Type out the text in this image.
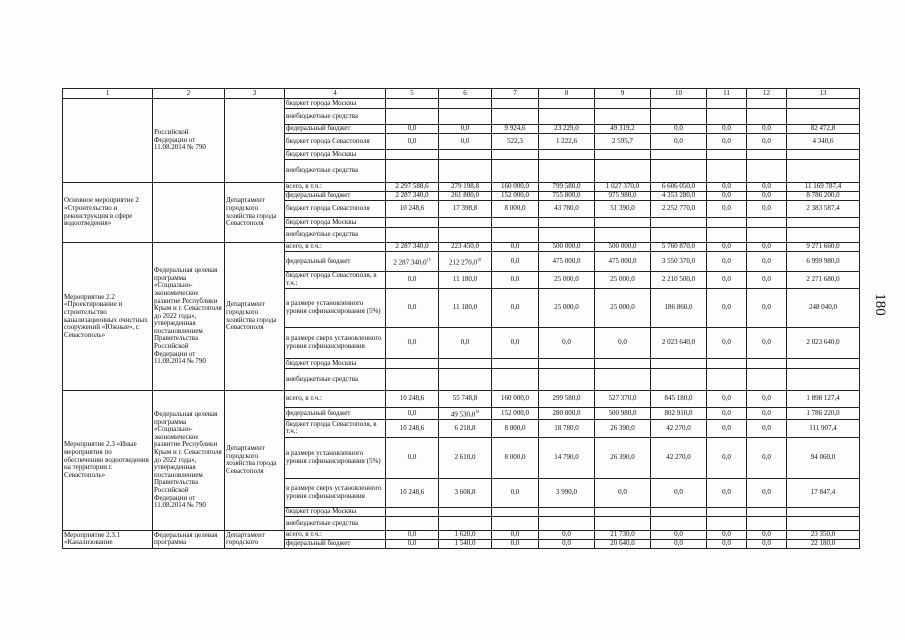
1	2	3	4	5	6	7	8	9	10	11	12	13
	Российской Федерации от 11.08.2014 № 790		бюджет города Москвы									
			внебюджетные средства									
			федеральный бюджет	0,0	0,0	9 924,6	23 229,0	49 319,2	0,0	0,0	0,0	82 472,8
			бюджет города Севастополя	0,0	0,0	522,3	1 222,6	2 595,7	0,0	0,0	0,0	4 340,6
			бюджет города Москвы									
			внебюджетные средства									
Основное мероприятие 2 «Строительство и реконструкция в сфере водоотведения»		Департамент городского хозяйства города Севастополя	всего, в т.ч.:	2 297 588,6	279 198,8	160 000,0	799 580,0	1 027 370,0	6 606 050,0	0,0	0,0	11 169 787,4
			федеральный бюджет	2 287 340,0	261 800,0	152 000,0	755 800,0	975 980,0	4 353 280,0	0,0	0,0	8 786 200,0
			бюджет города Севастополя	10 248,6	17 398,8	8 000,0	43 780,0	51 390,0	2 252 770,0	0,0	0,0	2 383 587,4
			бюджет города Москвы									
			внебюджетные средства									
Мероприятие 2.2 «Проектирование и строительство канализационных очистных сооружений «Южные», г. Севастополь»	Федеральная целевая программа «Социально-экономическое развитие Республики Крым и г. Севастополя до 2022 года», утвержденная постановлением Правительства Российской Федерации от 11.08.2014 № 790	Департамент городского хозяйства города Севастополя	всего, в т.ч.:	2 287 340,0	223 450,0	0,0	500 000,0	500 000,0	5 760 870,0	0,0	0,0	9 271 660,0
			федеральный бюджет	2 287 340,0$^{15}$	212 270,0$^{18}$	0,0	475 000,0	475 000,0	3 550 370,0	0,0	0,0	6 999 980,0
			бюджет города Севастополя, в т.ч.:	0,0	11 180,0	0,0	25 000,0	25 000,0	2 210 500,0	0,0	0,0	2 271 680,0
			в размере установленного уровня софинансирования (5%)	0,0	11 180,0	0,0	25 000,0	25 000,0	186 860,0	0,0	0,0	248 040,0
			в размере сверх установленного уровня софинансирования	0,0	0,0	0,0	0,0	0,0	2 023 640,0	0,0	0,0	2 023 640,0
			бюджет города Москвы									
			внебюджетные средства									
Мероприятие 2.3 «Иные мероприятия по обеспечению водоотведения на территории г. Севастополь»	Федеральная целевая программа «Социально-экономическое развитие Республики Крым и г. Севастополя до 2022 года», утвержденная постановлением Правительства Российской Федерации от 11.08.2014 № 790	Департамент городского хозяйства города Севастополя	всего, в т.ч.:	10 248,6	55 748,8	160 000,0	299 580,0	527 370,0	845 180,0	0,0	0,0	1 898 127,4
			федеральный бюджет	0,0	49 530,0$^{19}$	152 000,0	280 800,0	500 980,0	802 910,0	0,0	0,0	1 786 220,0
			бюджет города Севастополя, в т.ч.:	10 248,6	6 218,8	8 000,0	18 780,0	26 390,0	42 270,0	0,0	0,0	111 907,4
			в размере установленного уровня софинансирования (5%)	0,0	2 610,0	8 000,0	14 790,0	26 390,0	42 270,0	0,0	0,0	94 060,0
			в размере сверх установленного уровня софинансирования	10 248,6	3 608,8	0,0	3 990,0	0,0	0,0	0,0	0,0	17 847,4
			бюджет города Москвы									
			внебюджетные средства									
Мероприятие 2.3.1 «Канализование	Федеральная целевая программа	Департамент городского	всего, в т.ч.:	0,0	1 620,0	0,0	0,0	21 730,0	0,0	0,0	0,0	23 350,0
			федеральный бюджет	0,0	1 540,0	0,0	0,0	20 640,0	0,0	0,0	0,0	22 180,0
180
